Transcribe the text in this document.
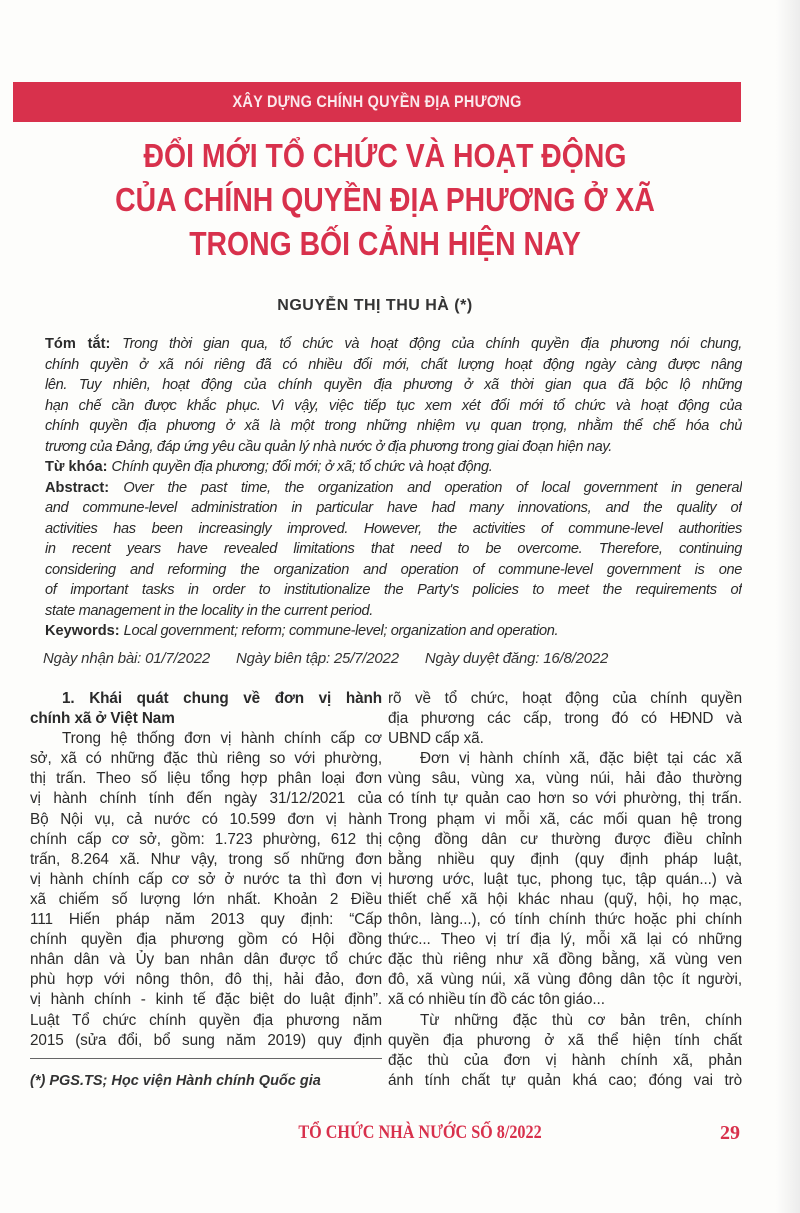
XÂY DỰNG CHÍNH QUYỀN ĐỊA PHƯƠNG
ĐỔI MỚI TỔ CHỨC VÀ HOẠT ĐỘNG
CỦA CHÍNH QUYỀN ĐỊA PHƯƠNG Ở XÃ
TRONG BỐI CẢNH HIỆN NAY
NGUYỄN THỊ THU HÀ (*)
Tóm tắt: Trong thời gian qua, tổ chức và hoạt động của chính quyền địa phương nói chung,
chính quyền ở xã nói riêng đã có nhiều đổi mới, chất lượng hoạt động ngày càng được nâng
lên. Tuy nhiên, hoạt động của chính quyền địa phương ở xã thời gian qua đã bộc lộ những
hạn chế cần được khắc phục. Vì vậy, việc tiếp tục xem xét đổi mới tổ chức và hoạt động của
chính quyền địa phương ở xã là một trong những nhiệm vụ quan trọng, nhằm thể chế hóa chủ
trương của Đảng, đáp ứng yêu cầu quản lý nhà nước ở địa phương trong giai đoạn hiện nay.
Từ khóa: Chính quyền địa phương; đổi mới; ở xã; tổ chức và hoạt động.
Abstract: Over the past time, the organization and operation of local government in general
and commune-level administration in particular have had many innovations, and the quality of
activities has been increasingly improved. However, the activities of commune-level authorities
in recent years have revealed limitations that need to be overcome. Therefore, continuing
considering and reforming the organization and operation of commune-level government is one
of important tasks in order to institutionalize the Party's policies to meet the requirements of
state management in the locality in the current period.
Keywords: Local government; reform; commune-level; organization and operation.
Ngày nhận bài: 01/7/2022 Ngày biên tập: 25/7/2022 Ngày duyệt đăng: 16/8/2022
1. Khái quát chung về đơn vị hành
chính xã ở Việt Nam
Trong hệ thống đơn vị hành chính cấp cơ
sở, xã có những đặc thù riêng so với phường,
thị trấn. Theo số liệu tổng hợp phân loại đơn
vị hành chính tính đến ngày 31/12/2021 của
Bộ Nội vụ, cả nước có 10.599 đơn vị hành
chính cấp cơ sở, gồm: 1.723 phường, 612 thị
trấn, 8.264 xã. Như vậy, trong số những đơn
vị hành chính cấp cơ sở ở nước ta thì đơn vị
xã chiếm số lượng lớn nhất. Khoản 2 Điều
111 Hiến pháp năm 2013 quy định: “Cấp
chính quyền địa phương gồm có Hội đồng
nhân dân và Ủy ban nhân dân được tổ chức
phù hợp với nông thôn, đô thị, hải đảo, đơn
vị hành chính - kinh tế đặc biệt do luật định”.
Luật Tổ chức chính quyền địa phương năm
2015 (sửa đổi, bổ sung năm 2019) quy định
rõ về tổ chức, hoạt động của chính quyền
địa phương các cấp, trong đó có HĐND và
UBND cấp xã.
Đơn vị hành chính xã, đặc biệt tại các xã
vùng sâu, vùng xa, vùng núi, hải đảo thường
có tính tự quản cao hơn so với phường, thị trấn.
Trong phạm vi mỗi xã, các mối quan hệ trong
cộng đồng dân cư thường được điều chỉnh
bằng nhiều quy định (quy định pháp luật,
hương ước, luật tục, phong tục, tập quán...) và
thiết chế xã hội khác nhau (quỹ, hội, họ mạc,
thôn, làng...), có tính chính thức hoặc phi chính
thức... Theo vị trí địa lý, mỗi xã lại có những
đặc thù riêng như xã đồng bằng, xã vùng ven
đô, xã vùng núi, xã vùng đông dân tộc ít người,
xã có nhiều tín đồ các tôn giáo...
Từ những đặc thù cơ bản trên, chính
quyền địa phương ở xã thể hiện tính chất
đặc thù của đơn vị hành chính xã, phản
ánh tính chất tự quản khá cao; đóng vai trò
(*) PGS.TS; Học viện Hành chính Quốc gia
TỔ CHỨC NHÀ NƯỚC SỐ 8/2022	29
